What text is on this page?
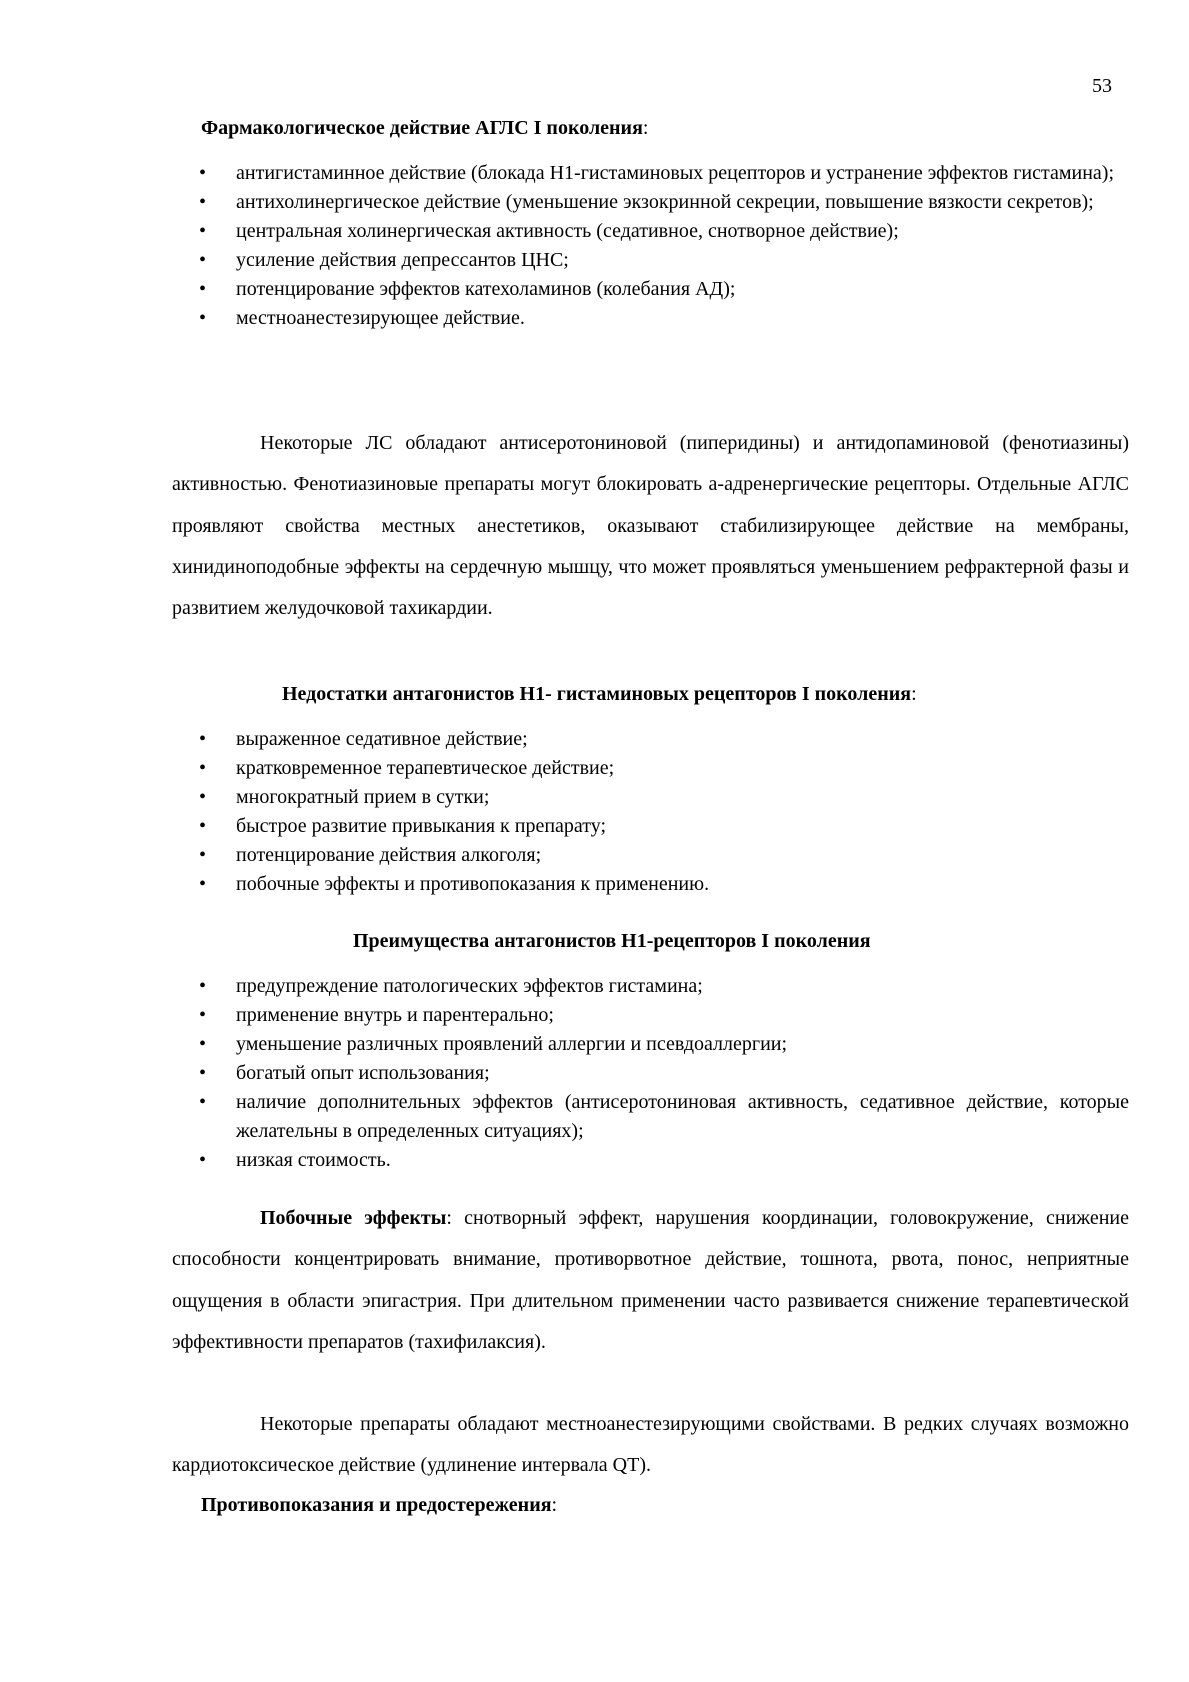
53
Фармакологическое действие АГЛС I поколения:
• антигистаминное действие (блокада Н1-гистаминовых рецепторов и устранение эффектов гистамина);
• антихолинергическое действие (уменьшение экзокринной секреции, повышение вязкости секретов);
• центральная холинергическая активность (седативное, снотворное действие);
• усиление действия депрессантов ЦНС;
• потенцирование эффектов катехоламинов (колебания АД);
• местноанестезирующее действие.

Некоторые ЛС обладают антисеротониновой (пиперидины) и антидопаминовой (фенотиазины) активностью. Фенотиазиновые препараты могут блокировать а-адренергические рецепторы. Отдельные АГЛС проявляют свойства местных анестетиков, оказывают стабилизирующее действие на мембраны, хинидиноподобные эффекты на сердечную мышцу, что может проявляться уменьшением рефрактерной фазы и развитием желудочковой тахикардии.

Недостатки антагонистов Н1- гистаминовых рецепторов I поколения:
• выраженное седативное действие;
• кратковременное терапевтическое действие;
• многократный прием в сутки;
• быстрое развитие привыкания к препарату;
• потенцирование действия алкоголя;
• побочные эффекты и противопоказания к применению.
Преимущества антагонистов Н1-рецепторов I поколения
• предупреждение патологических эффектов гистамина;
• применение внутрь и парентерально;
• уменьшение различных проявлений аллергии и псевдоаллергии;
• богатый опыт использования;
• наличие дополнительных эффектов (антисеротониновая активность, седативное действие, которые желательны в определенных ситуациях);
• низкая стоимость.

Побочные эффекты: снотворный эффект, нарушения координации, головокружение, снижение способности концентрировать внимание, противорвотное действие, тошнота, рвота, понос, неприятные ощущения в области эпигастрия. При длительном применении часто развивается снижение терапевтической эффективности препаратов (тахифилаксия).

Некоторые препараты обладают местноанестезирующими свойствами. В редких случаях возможно кардиотоксическое действие (удлинение интервала QT).

Противопоказания и предостережения:
